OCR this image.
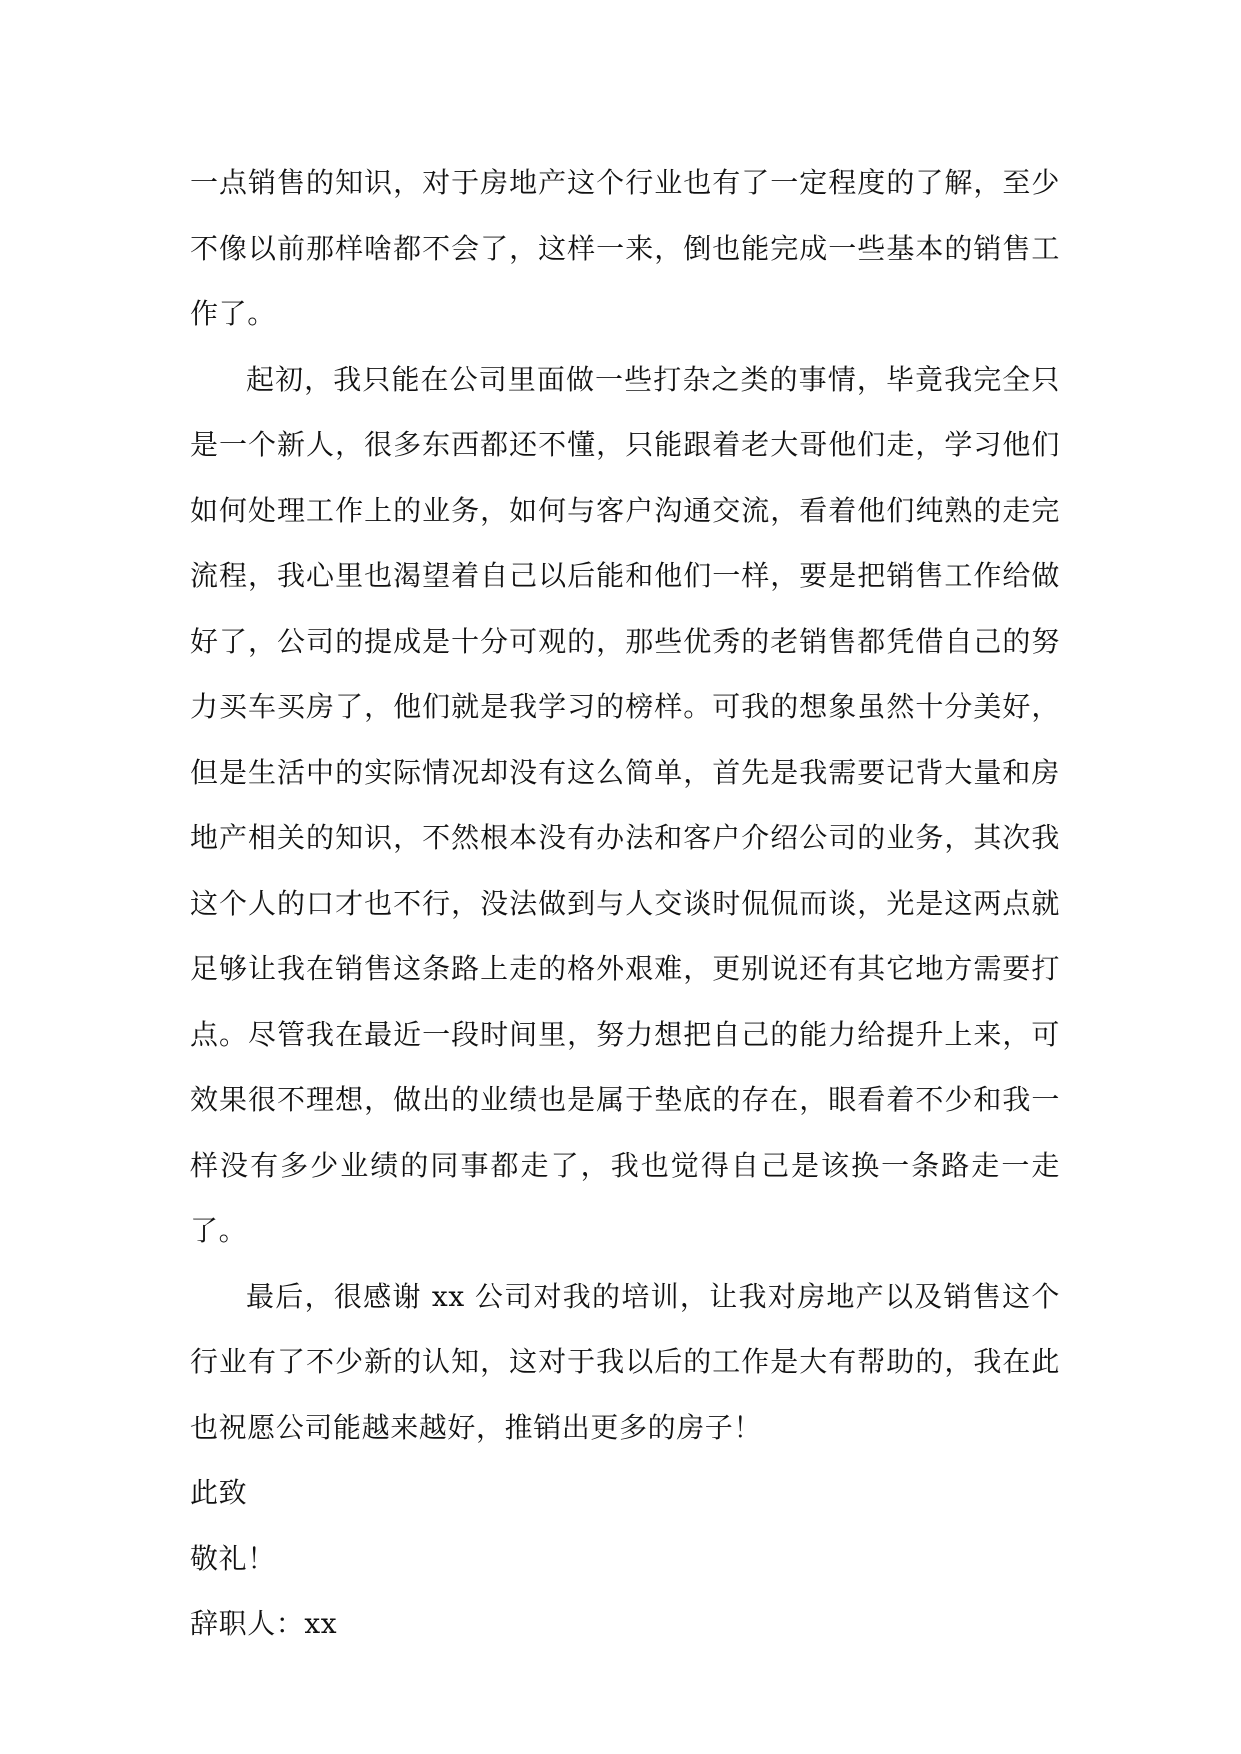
一点销售的知识，对于房地产这个行业也有了一定程度的了解，至少不像以前那样啥都不会了，这样一来，倒也能完成一些基本的销售工作了。

起初，我只能在公司里面做一些打杂之类的事情，毕竟我完全只是一个新人，很多东西都还不懂，只能跟着老大哥他们走，学习他们如何处理工作上的业务，如何与客户沟通交流，看着他们纯熟的走完流程，我心里也渴望着自己以后能和他们一样，要是把销售工作给做好了，公司的提成是十分可观的，那些优秀的老销售都凭借自己的努力买车买房了，他们就是我学习的榜样。可我的想象虽然十分美好，但是生活中的实际情况却没有这么简单，首先是我需要记背大量和房地产相关的知识，不然根本没有办法和客户介绍公司的业务，其次我这个人的口才也不行，没法做到与人交谈时侃侃而谈，光是这两点就足够让我在销售这条路上走的格外艰难，更别说还有其它地方需要打点。尽管我在最近一段时间里，努力想把自己的能力给提升上来，可效果很不理想，做出的业绩也是属于垫底的存在，眼看着不少和我一样没有多少业绩的同事都走了，我也觉得自己是该换一条路走一走了。

最后，很感谢 xx 公司对我的培训，让我对房地产以及销售这个行业有了不少新的认知，这对于我以后的工作是大有帮助的，我在此也祝愿公司能越来越好，推销出更多的房子！

此致

敬礼！

辞职人：xx
